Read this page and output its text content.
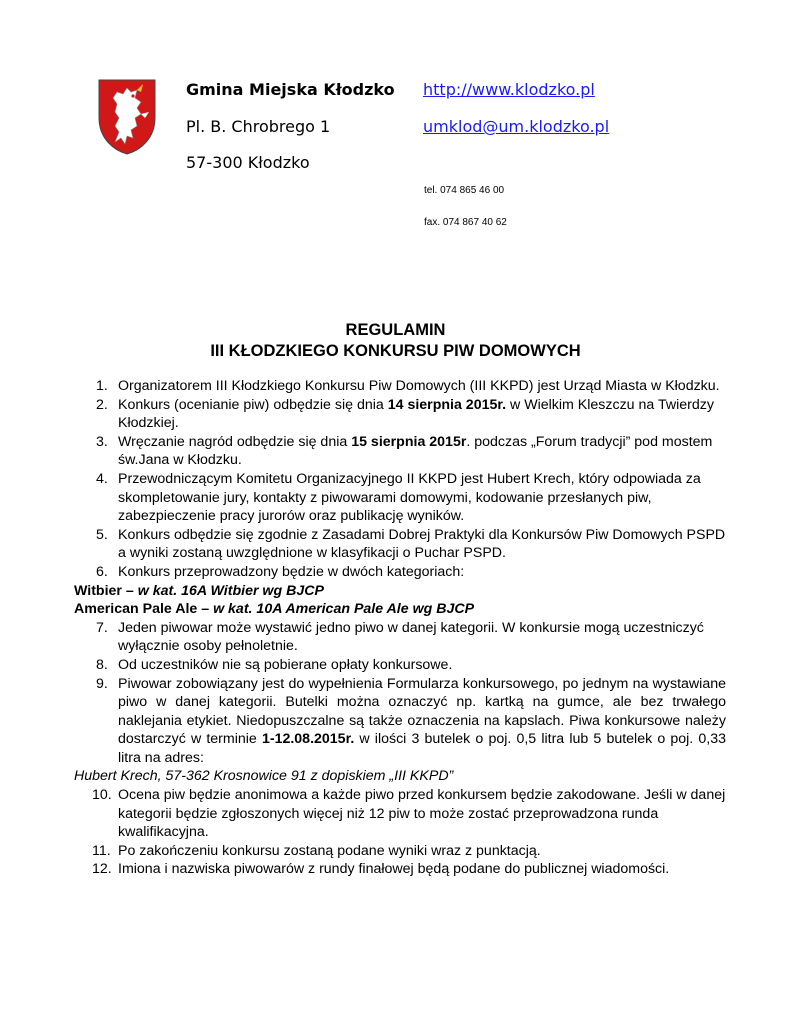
Gmina Miejska Kłodzko
Pl. B. Chrobrego 1
57-300 Kłodzko
http://www.klodzko.pl
umklod@um.klodzko.pl
tel. 074 865 46 00
fax. 074 867 40 62
REGULAMIN
III KŁODZKIEGO KONKURSU PIW DOMOWYCH
1. Organizatorem III Kłodzkiego Konkursu Piw Domowych (III KKPD) jest Urząd Miasta w Kłodzku.
2. Konkurs (ocenianie piw) odbędzie się dnia 14 sierpnia 2015r. w Wielkim Kleszczu na Twierdzy Kłodzkiej.
3. Wręczanie nagród odbędzie się dnia 15 sierpnia 2015r. podczas „Forum tradycji” pod mostem św.Jana w Kłodzku.
4. Przewodniczącym Komitetu Organizacyjnego II KKPD jest Hubert Krech, który odpowiada za skompletowanie jury, kontakty z piwowarami domowymi, kodowanie przesłanych piw, zabezpieczenie pracy jurorów oraz publikację wyników.
5. Konkurs odbędzie się zgodnie z Zasadami Dobrej Praktyki dla Konkursów Piw Domowych PSPD a wyniki zostaną uwzględnione w klasyfikacji o Puchar PSPD.
6. Konkurs przeprowadzony będzie w dwóch kategoriach:
Witbier – w kat. 16A Witbier wg BJCP
American Pale Ale – w kat. 10A American Pale Ale wg BJCP
7. Jeden piwowar może wystawić jedno piwo w danej kategorii. W konkursie mogą uczestniczyć wyłącznie osoby pełnoletnie.
8. Od uczestników nie są pobierane opłaty konkursowe.
9. Piwowar zobowiązany jest do wypełnienia Formularza konkursowego, po jednym na wystawiane piwo w danej kategorii. Butelki można oznaczyć np. kartką na gumce, ale bez trwałego naklejania etykiet. Niedopuszczalne są także oznaczenia na kapslach. Piwa konkursowe należy dostarczyć w terminie 1-12.08.2015r. w ilości 3 butelek o poj. 0,5 litra lub 5 butelek o poj. 0,33 litra na adres:
Hubert Krech, 57-362 Krosnowice 91 z dopiskiem „III KKPD”
10. Ocena piw będzie anonimowa a każde piwo przed konkursem będzie zakodowane. Jeśli w danej kategorii będzie zgłoszonych więcej niż 12 piw to może zostać przeprowadzona runda kwalifikacyjna.
11. Po zakończeniu konkursu zostaną podane wyniki wraz z punktacją.
12. Imiona i nazwiska piwowarów z rundy finałowej będą podane do publicznej wiadomości.
